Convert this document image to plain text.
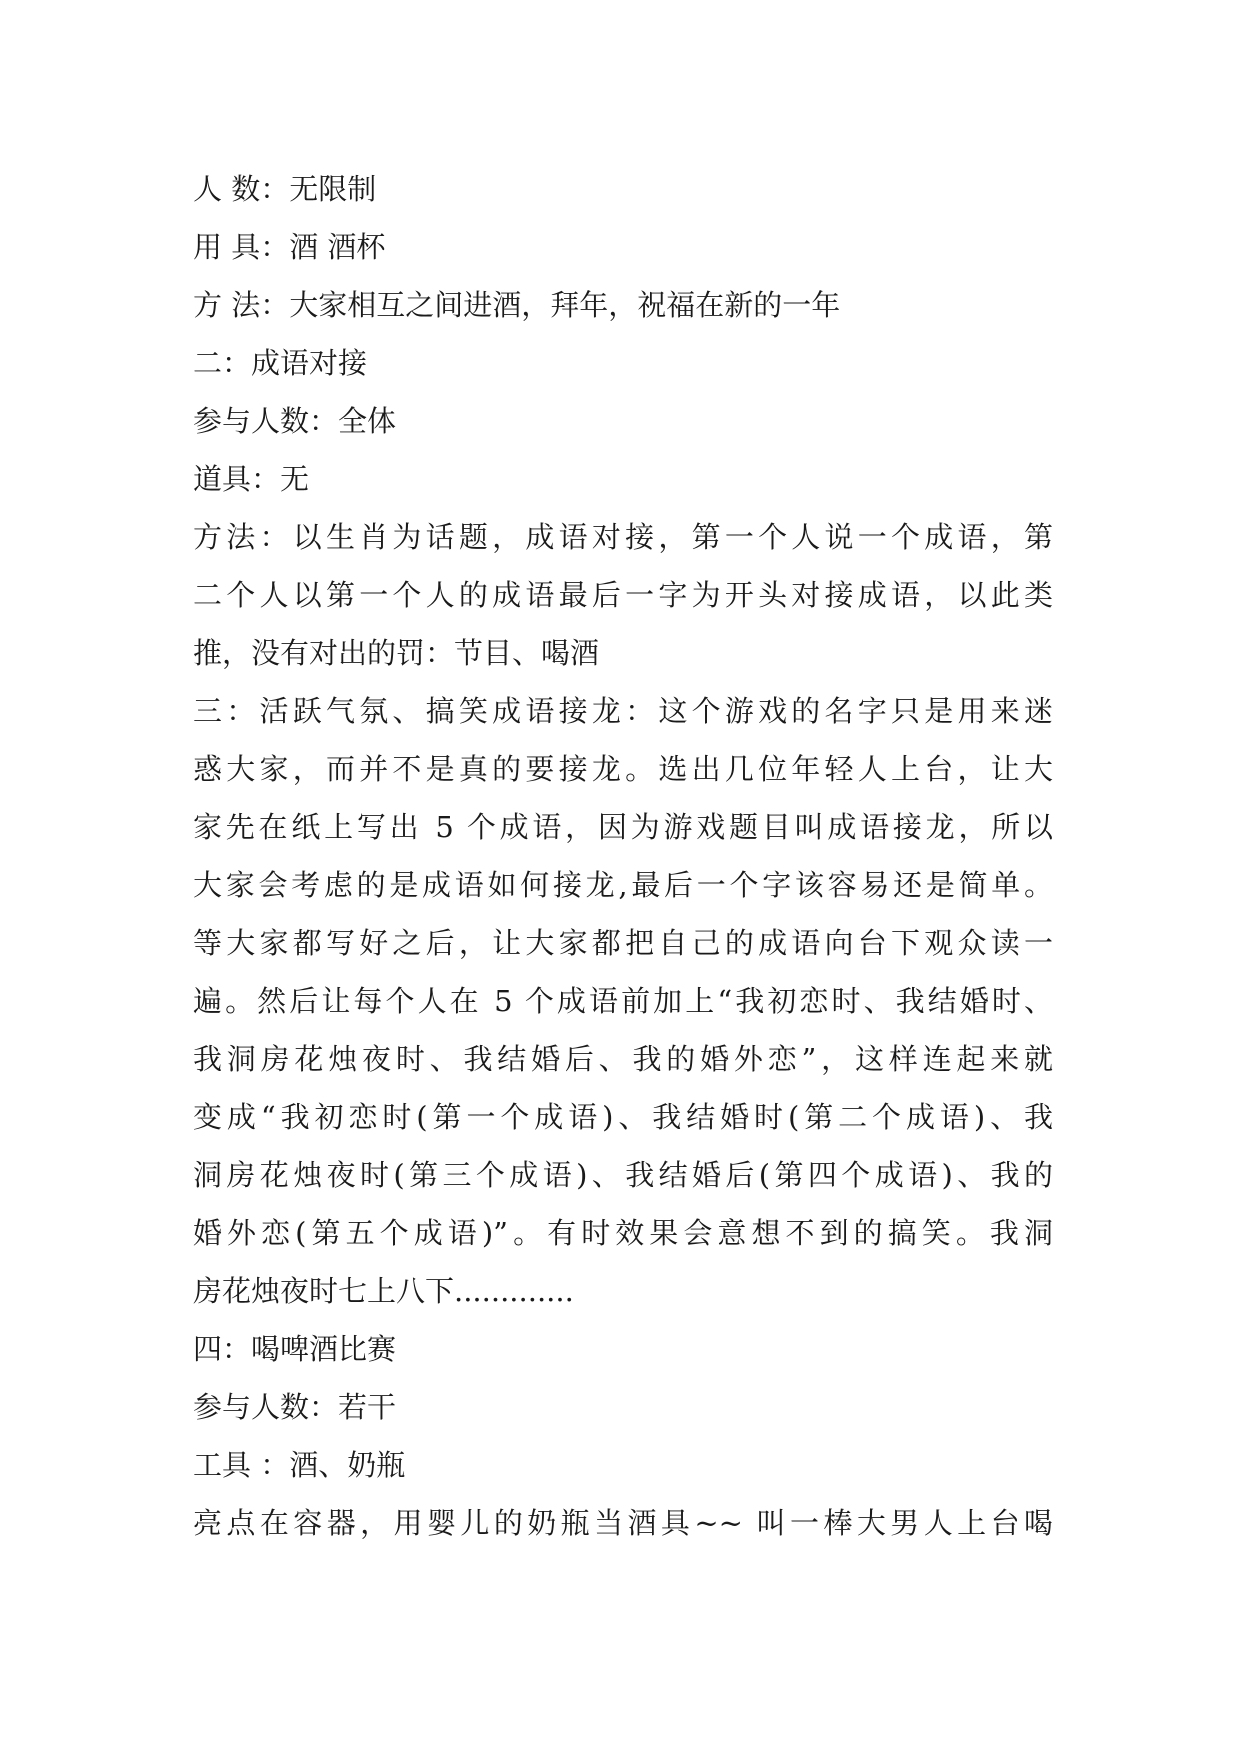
人 数：无限制
用 具：酒 酒杯
方 法：大家相互之间进酒，拜年，祝福在新的一年
二：成语对接
参与人数：全体
道具：无
方法：以生肖为话题，成语对接，第一个人说一个成语，第
二个人以第一个人的成语最后一字为开头对接成语，以此类
推，没有对出的罚：节目、喝酒
三：活跃气氛、搞笑成语接龙：这个游戏的名字只是用来迷
惑大家，而并不是真的要接龙。选出几位年轻人上台，让大
家先在纸上写出 5 个成语，因为游戏题目叫成语接龙，所以
大家会考虑的是成语如何接龙,最后一个字该容易还是简单。
等大家都写好之后，让大家都把自己的成语向台下观众读一
遍。然后让每个人在 5 个成语前加上“我初恋时、我结婚时、
我洞房花烛夜时、我结婚后、我的婚外恋”，这样连起来就
变成“我初恋时(第一个成语)、我结婚时(第二个成语)、我
洞房花烛夜时(第三个成语)、我结婚后(第四个成语)、我的
婚外恋(第五个成语)”。有时效果会意想不到的搞笑。我洞
房花烛夜时七上八下.............
四：喝啤酒比赛
参与人数：若干
工具 ：酒、奶瓶
亮点在容器，用婴儿的奶瓶当酒具~~ 叫一棒大男人上台喝
